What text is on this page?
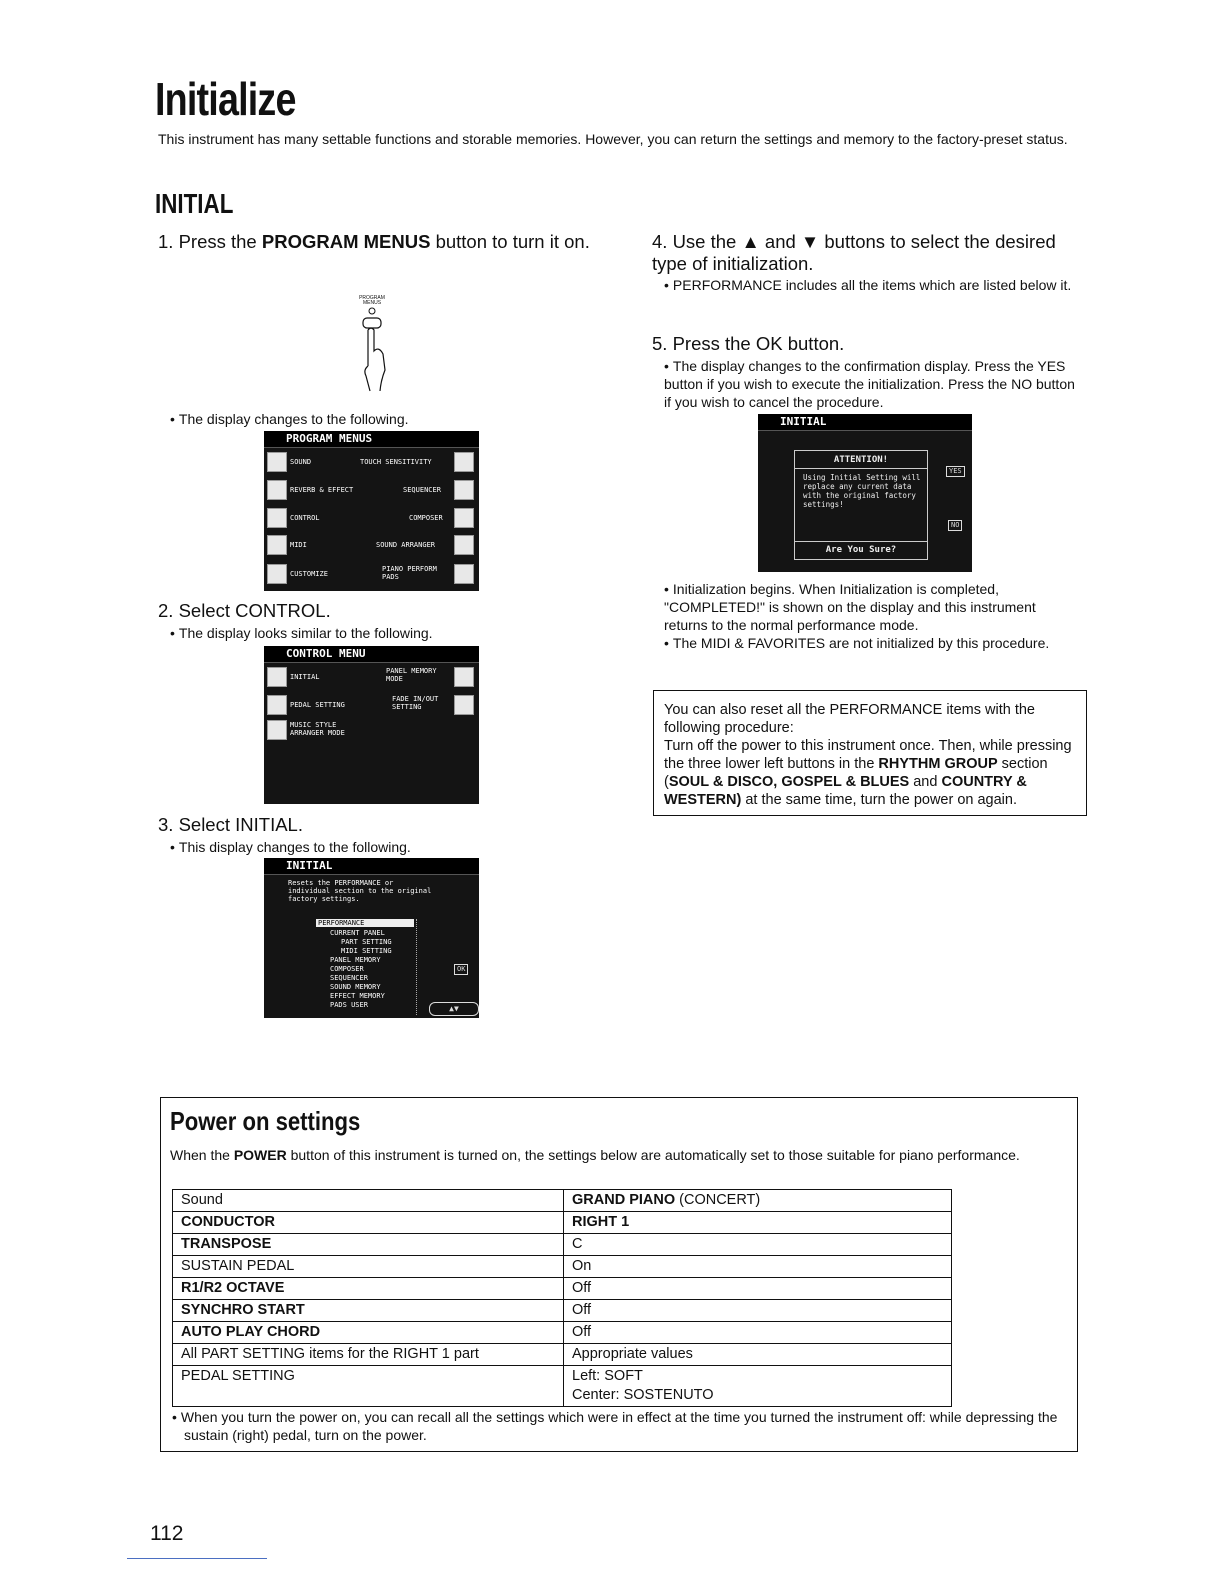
Initialize
This instrument has many settable functions and storable memories. However, you can return the settings and memory to the factory-preset status.
INITIAL
1. Press the PROGRAM MENUS button to turn it on.
PROGRAM
MENUS
• The display changes to the following.
PROGRAM MENUS
SOUND	TOUCH SENSITIVITY
REVERB & EFFECT	SEQUENCER
CONTROL	COMPOSER
MIDI	SOUND ARRANGER
CUSTOMIZE
PIANO PERFORM PADS
2. Select CONTROL.
• The display looks similar to the following.
CONTROL MENU
INITIAL
PANEL MEMORY MODE
PEDAL SETTING
FADE IN/OUT SETTING
MUSIC STYLE ARRANGER MODE
3. Select INITIAL.
• This display changes to the following.
INITIAL
Resets the PERFORMANCE or individual section to the original factory settings.
PERFORMANCE
CURRENT PANEL
PART SETTING
MIDI SETTING
PANEL MEMORY
COMPOSER
SEQUENCER
SOUND MEMORY
EFFECT MEMORY
PADS USER
OK
▲▼
4. Use the ▲ and ▼ buttons to select the desired type of initialization.
• PERFORMANCE includes all the items which are listed below it.
5. Press the OK button.
• The display changes to the confirmation display. Press the YES button if you wish to execute the initialization. Press the NO button if you wish to cancel the procedure.
INITIAL
ATTENTION!
Using Initial Setting will replace any current data with the original factory settings!
Are You Sure?
YES
NO
• Initialization begins. When Initialization is completed, "COMPLETED!" is shown on the display and this instrument returns to the normal performance mode.
• The MIDI & FAVORITES are not initialized by this procedure.
You can also reset all the PERFORMANCE items with the following procedure:
Turn off the power to this instrument once. Then, while pressing the three lower left buttons in the RHYTHM GROUP section (SOUL & DISCO, GOSPEL & BLUES and COUNTRY & WESTERN) at the same time, turn the power on again.
Power on settings
When the POWER button of this instrument is turned on, the settings below are automatically set to those suitable for piano performance.
Sound	GRAND PIANO (CONCERT)
CONDUCTOR	RIGHT 1
TRANSPOSE	C
SUSTAIN PEDAL	On
R1/R2 OCTAVE	Off
SYNCHRO START	Off
AUTO PLAY CHORD	Off
All PART SETTING items for the RIGHT 1 part	Appropriate values
PEDAL SETTING	Left: SOFT
Center: SOSTENUTO
• When you turn the power on, you can recall all the settings which were in effect at the time you turned the instrument off: while depressing the sustain (right) pedal, turn on the power.
112
